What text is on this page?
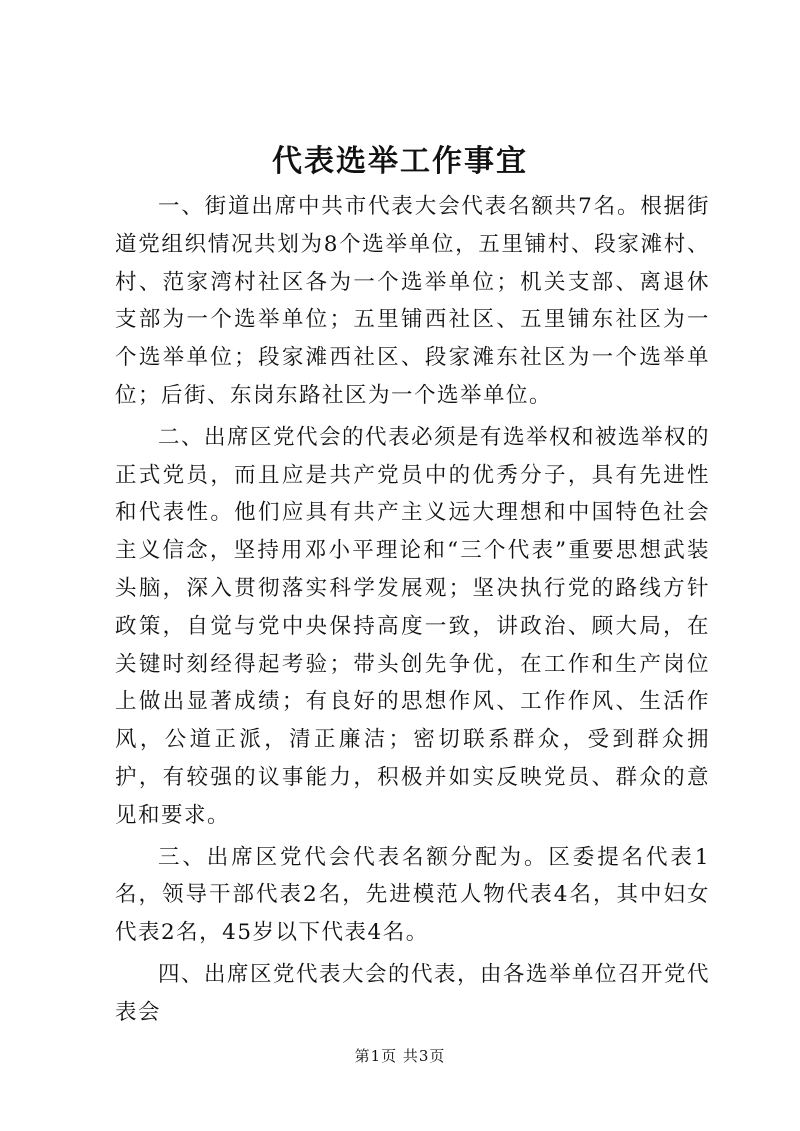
代表选举工作事宜

一、街道出席中共市代表大会代表名额共7名。根据街道党组织情况共划为8个选举单位，五里铺村、段家滩村、村、范家湾村社区各为一个选举单位；机关支部、离退休支部为一个选举单位；五里铺西社区、五里铺东社区为一个选举单位；段家滩西社区、段家滩东社区为一个选举单位；后街、东岗东路社区为一个选举单位。

二、出席区党代会的代表必须是有选举权和被选举权的正式党员，而且应是共产党员中的优秀分子，具有先进性和代表性。他们应具有共产主义远大理想和中国特色社会主义信念，坚持用邓小平理论和“三个代表”重要思想武装头脑，深入贯彻落实科学发展观；坚决执行党的路线方针政策，自觉与党中央保持高度一致，讲政治、顾大局，在关键时刻经得起考验；带头创先争优，在工作和生产岗位上做出显著成绩；有良好的思想作风、工作作风、生活作风，公道正派，清正廉洁；密切联系群众，受到群众拥护，有较强的议事能力，积极并如实反映党员、群众的意见和要求。

三、出席区党代会代表名额分配为。区委提名代表1名，领导干部代表2名，先进模范人物代表4名，其中妇女代表2名，45岁以下代表4名。

四、出席区党代表大会的代表，由各选举单位召开党代表会

第1页 共3页
